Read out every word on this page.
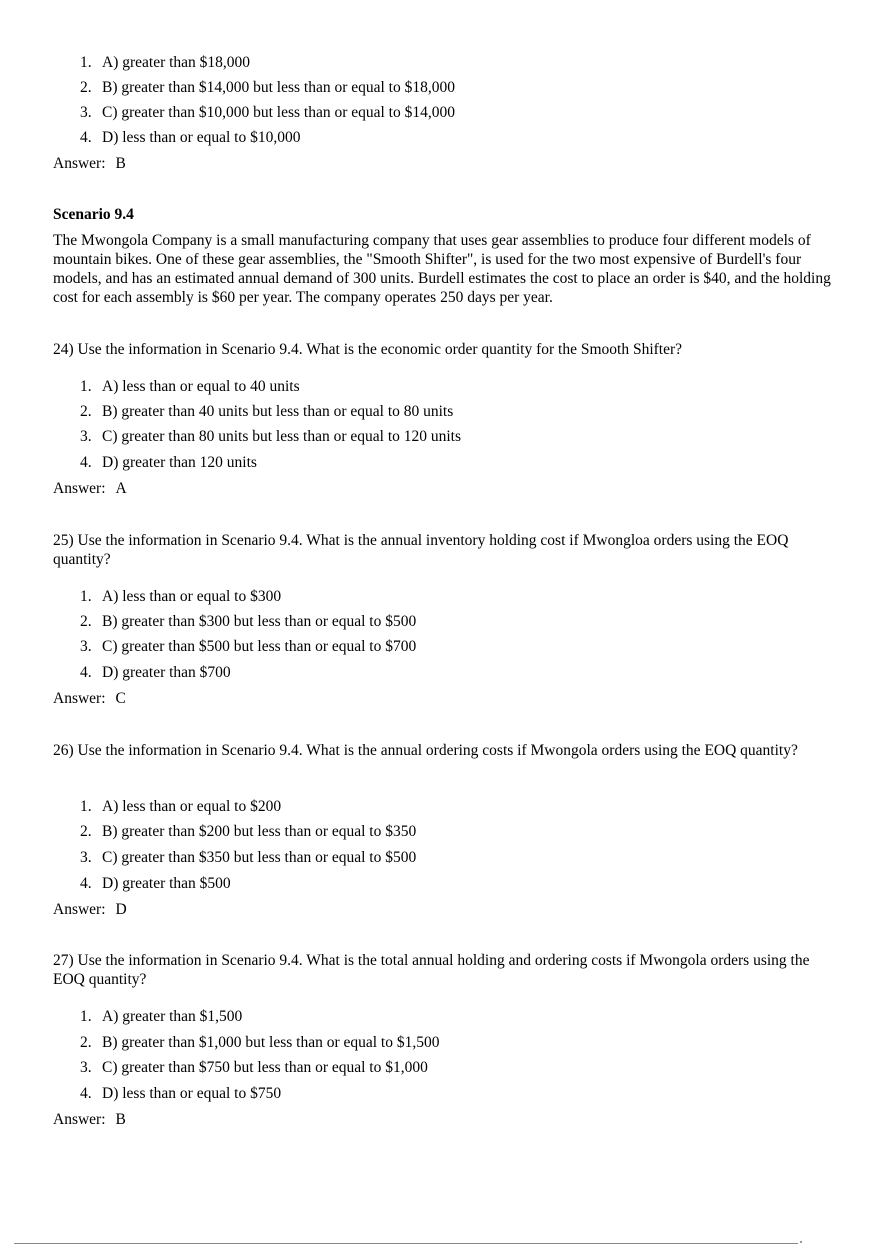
1. A) greater than $18,000
2. B) greater than $14,000 but less than or equal to $18,000
3. C) greater than $10,000 but less than or equal to $14,000
4. D) less than or equal to $10,000
Answer: B
Scenario 9.4
The Mwongola Company is a small manufacturing company that uses gear assemblies to produce four different models of mountain bikes. One of these gear assemblies, the "Smooth Shifter", is used for the two most expensive of Burdell's four models, and has an estimated annual demand of 300 units. Burdell estimates the cost to place an order is $40, and the holding cost for each assembly is $60 per year. The company operates 250 days per year.
24) Use the information in Scenario 9.4. What is the economic order quantity for the Smooth Shifter?
1. A) less than or equal to 40 units
2. B) greater than 40 units but less than or equal to 80 units
3. C) greater than 80 units but less than or equal to 120 units
4. D) greater than 120 units
Answer: A
25) Use the information in Scenario 9.4. What is the annual inventory holding cost if Mwongloa orders using the EOQ quantity?
1. A) less than or equal to $300
2. B) greater than $300 but less than or equal to $500
3. C) greater than $500 but less than or equal to $700
4. D) greater than $700
Answer: C
26) Use the information in Scenario 9.4. What is the annual ordering costs if Mwongola orders using the EOQ quantity?
1. A) less than or equal to $200
2. B) greater than $200 but less than or equal to $350
3. C) greater than $350 but less than or equal to $500
4. D) greater than $500
Answer: D
27) Use the information in Scenario 9.4. What is the total annual holding and ordering costs if Mwongola orders using the EOQ quantity?
1. A) greater than $1,500
2. B) greater than $1,000 but less than or equal to $1,500
3. C) greater than $750 but less than or equal to $1,000
4. D) less than or equal to $750
Answer: B
